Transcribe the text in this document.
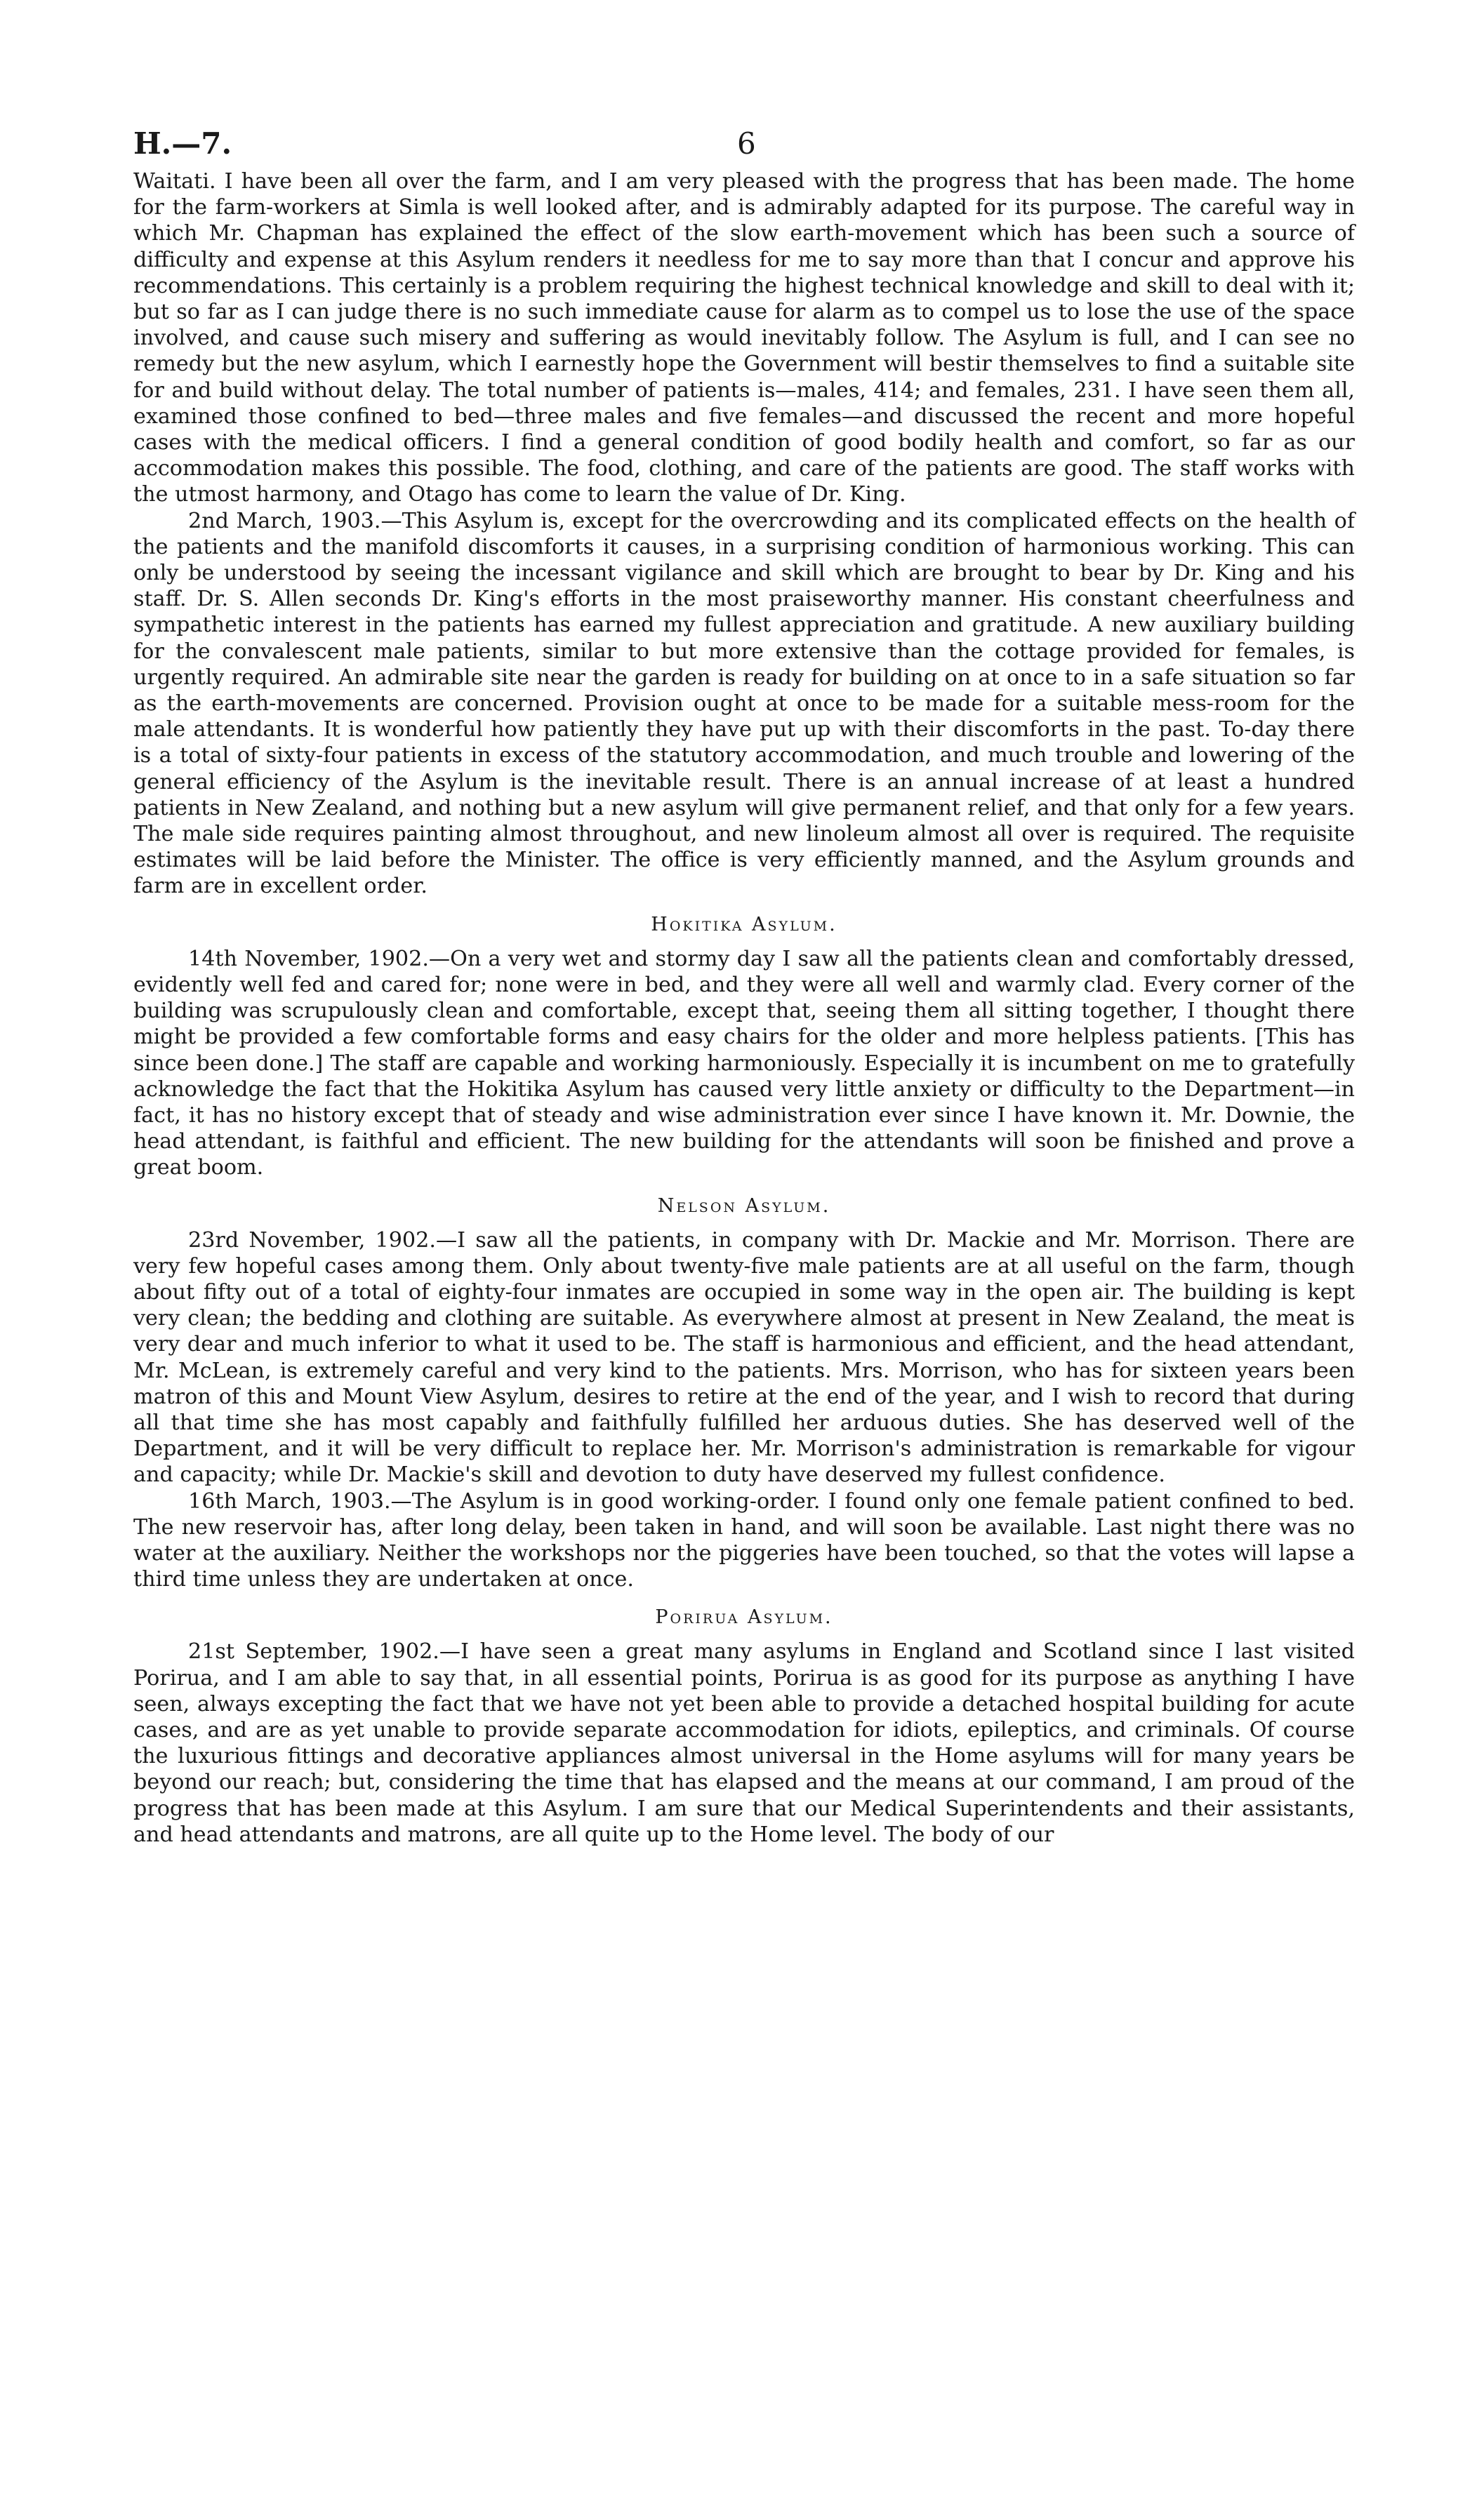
H.—7.	6

Waitati. I have been all over the farm, and I am very pleased with the progress that has been made. The home for the farm-workers at Simla is well looked after, and is admirably adapted for its purpose. The careful way in which Mr. Chapman has explained the effect of the slow earth-movement which has been such a source of difficulty and expense at this Asylum renders it needless for me to say more than that I concur and approve his recommendations. This certainly is a problem requiring the highest technical knowledge and skill to deal with it; but so far as I can judge there is no such immediate cause for alarm as to compel us to lose the use of the space involved, and cause such misery and suffering as would inevitably follow. The Asylum is full, and I can see no remedy but the new asylum, which I earnestly hope the Government will bestir themselves to find a suitable site for and build without delay. The total number of patients is—males, 414; and females, 231. I have seen them all, examined those confined to bed—three males and five females—and discussed the recent and more hopeful cases with the medical officers. I find a general condition of good bodily health and comfort, so far as our accommodation makes this possible. The food, clothing, and care of the patients are good. The staff works with the utmost harmony, and Otago has come to learn the value of Dr. King.

2nd March, 1903.—This Asylum is, except for the overcrowding and its complicated effects on the health of the patients and the manifold discomforts it causes, in a surprising condition of harmonious working. This can only be understood by seeing the incessant vigilance and skill which are brought to bear by Dr. King and his staff. Dr. S. Allen seconds Dr. King's efforts in the most praiseworthy manner. His constant cheerfulness and sympathetic interest in the patients has earned my fullest appreciation and gratitude. A new auxiliary building for the convalescent male patients, similar to but more extensive than the cottage provided for females, is urgently required. An admirable site near the garden is ready for building on at once to in a safe situation so far as the earth-movements are concerned. Provision ought at once to be made for a suitable mess-room for the male attendants. It is wonderful how patiently they have put up with their discomforts in the past. To-day there is a total of sixty-four patients in excess of the statutory accommodation, and much trouble and lowering of the general efficiency of the Asylum is the inevitable result. There is an annual increase of at least a hundred patients in New Zealand, and nothing but a new asylum will give permanent relief, and that only for a few years. The male side requires painting almost throughout, and new linoleum almost all over is required. The requisite estimates will be laid before the Minister. The office is very efficiently manned, and the Asylum grounds and farm are in excellent order.

Hokitika Asylum.

14th November, 1902.—On a very wet and stormy day I saw all the patients clean and comfortably dressed, evidently well fed and cared for; none were in bed, and they were all well and warmly clad. Every corner of the building was scrupulously clean and comfortable, except that, seeing them all sitting together, I thought there might be provided a few comfortable forms and easy chairs for the older and more helpless patients. [This has since been done.] The staff are capable and working harmoniously. Especially it is incumbent on me to gratefully acknowledge the fact that the Hokitika Asylum has caused very little anxiety or difficulty to the Department—in fact, it has no history except that of steady and wise administration ever since I have known it. Mr. Downie, the head attendant, is faithful and efficient. The new building for the attendants will soon be finished and prove a great boom.

Nelson Asylum.

23rd November, 1902.—I saw all the patients, in company with Dr. Mackie and Mr. Morrison. There are very few hopeful cases among them. Only about twenty-five male patients are at all useful on the farm, though about fifty out of a total of eighty-four inmates are occupied in some way in the open air. The building is kept very clean; the bedding and clothing are suitable. As everywhere almost at present in New Zealand, the meat is very dear and much inferior to what it used to be. The staff is harmonious and efficient, and the head attendant, Mr. McLean, is extremely careful and very kind to the patients. Mrs. Morrison, who has for sixteen years been matron of this and Mount View Asylum, desires to retire at the end of the year, and I wish to record that during all that time she has most capably and faithfully fulfilled her arduous duties. She has deserved well of the Department, and it will be very difficult to replace her. Mr. Morrison's administration is remarkable for vigour and capacity; while Dr. Mackie's skill and devotion to duty have deserved my fullest confidence.

16th March, 1903.—The Asylum is in good working-order. I found only one female patient confined to bed. The new reservoir has, after long delay, been taken in hand, and will soon be available. Last night there was no water at the auxiliary. Neither the workshops nor the piggeries have been touched, so that the votes will lapse a third time unless they are undertaken at once.

Porirua Asylum.

21st September, 1902.—I have seen a great many asylums in England and Scotland since I last visited Porirua, and I am able to say that, in all essential points, Porirua is as good for its purpose as anything I have seen, always excepting the fact that we have not yet been able to provide a detached hospital building for acute cases, and are as yet unable to provide separate accommodation for idiots, epileptics, and criminals. Of course the luxurious fittings and decorative appliances almost universal in the Home asylums will for many years be beyond our reach; but, considering the time that has elapsed and the means at our command, I am proud of the progress that has been made at this Asylum. I am sure that our Medical Superintendents and their assistants, and head attendants and matrons, are all quite up to the Home level. The body of our
